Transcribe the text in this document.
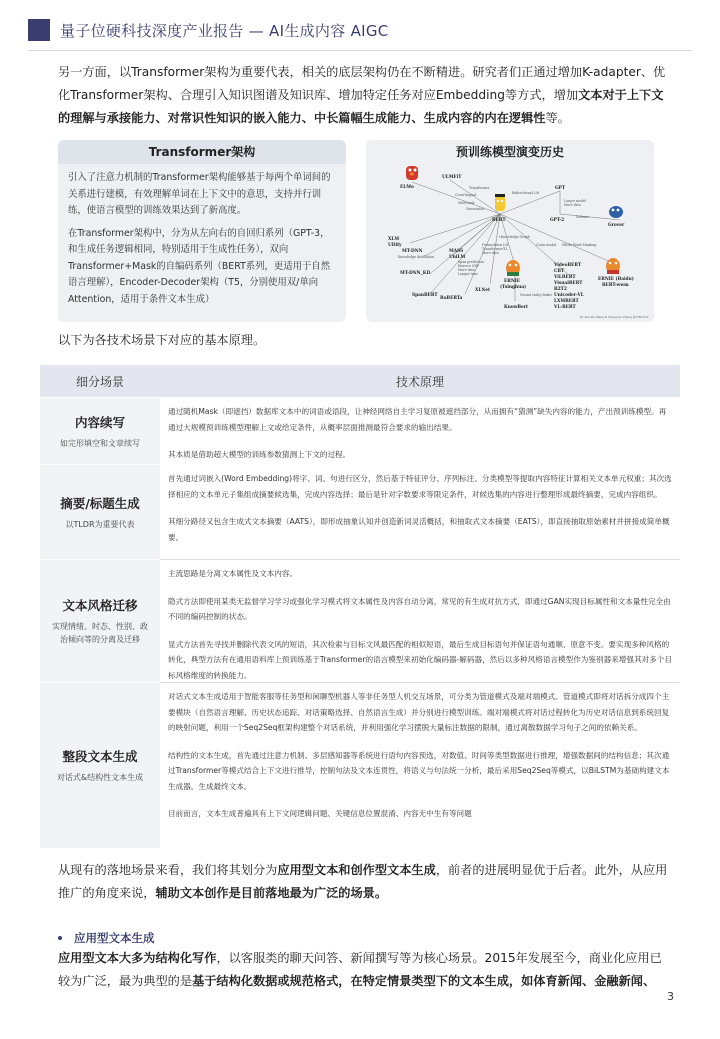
量子位硬科技深度产业报告 — AI生成内容 AIGC
另一方面，以Transformer架构为重要代表，相关的底层架构仍在不断精进。研究者们正通过增加K-adapter、优化Transformer架构、合理引入知识图谱及知识库、增加特定任务对应Embedding等方式，增加文本对于上下文的理解与承接能力、对常识性知识的嵌入能力、中长篇幅生成能力、生成内容的内在逻辑性等。
Transformer架构

引入了注意力机制的Transformer架构能够基于每两个单词间的关系进行建模，有效理解单词在上下文中的意思，支持并行训练，使语言模型的训练效果达到了新高度。

在Transformer架构中，分为从左向右的自回归系列（GPT-3，和生成任务逻辑相同，特别适用于生成性任务），双向Transformer+Mask的自编码系列（BERT系列，更适用于自然语言理解），Encoder-Decoder架构（T5，分别使用双/单向Attention，适用于条件文本生成）

预训练模型演变历史
Cross-lingual
Multi-task
Generation
Transformer
Bidirectional LM
Larger model
More data
Defense
Knowledge distillation
Span prediction
Remove NSP
More data
Longer time
Permutation LM
Transformer-XL
More data
+Knowledge Graph
Cross-modal Whole-Word Masking
Neural entity linker
ELMo
ULMFiT
GPT
GPT-2
Grover
BERT
XLM
UDify
MT-DNN	MASS
UniLM
MT-DNN_KD
SpanBERT
RoBERTa
XLNet
ERNIE
(Tsinghua)
KnowBert
VideoBERT
CBT
ViLBERT
VisualBERT
B2T2
Unicoder-VL
LXMBERT
VL-BERT
ERNIE (Baidu)
BERT-wwm
By Xiaozhi Wang & Zhengyan Zhang @THUNLP
以下为各技术场景下对应的基本原理。
细分场景	技术原理
内容续写
如完形填空和文章续写

通过随机Mask（即遮挡）数据库文本中的词语或语段，让神经网络自主学习复原被遮挡部分，从而拥有“猜测”缺失内容的能力，产出预训练模型。再通过大规模预训练模型理解上文或给定条件，从概率层面推测最符合要求的输出结果。

其本质是借助超大模型的训练参数猜测上下文的过程。

摘要/标题生成
以TLDR为重要代表

首先通过词嵌入(Word Embedding)将字、词、句进行区分，然后基于特征评分、序列标注、分类模型等提取内容特征计算相关文本单元权重；其次选择相应的文本单元子集组成摘要候选集，完成内容选择；最后是针对字数要求等限定条件，对候选集的内容进行整理形成最终摘要，完成内容组织。

其细分路径又包含生成式文本摘要（AATS），即形成抽象认知并创造新词灵活概括，和抽取式文本摘要（EATS），即直接抽取原始素材并拼接成简单概要。

文本风格迁移
实现情绪、时态、性别、政治倾向等的分离及迁移

主流思路是分离文本属性及文本内容。

隐式方法即使用某类无监督学习学习或强化学习模式将文本属性及内容自动分离，常见的有生成对抗方式，即通过GAN实现目标属性和文本量性完全由不同的编码控制的状态。

显式方法首先寻找并删除代表文风的短语，其次检索与目标文风最匹配的相似短语，最后生成目标语句并保证语句通顺、原意不变。要实现多种风格的转化，典型方法有在通用语料库上预训练基于Transformer的语言模型来初始化编码器-解码器，然后以多种风格语言模型作为鉴别器来增强其对多个目标风格维度的转换能力。

整段文本生成
对话式&结构性文本生成

对话式文本生成适用于智能客服等任务型和闲聊型机器人等非任务型人机交互场景，可分类为管道模式及端对端模式。管道模式即将对话拆分成四个主要模块（自然语言理解、历史状态追踪、对话策略选择、自然语言生成）并分别进行模型训练。端对端模式将对话过程转化为历史对话信息到系统回复的映射问题，利用一个Seq2Seq框架构建整个对话系统，并利用强化学习摆脱大量标注数据的限制，通过离散数据学习句子之间的依赖关系。

结构性的文本生成，首先通过注意力机制、多层感知器等系统进行语句内容预选，对数值、时间等类型数据进行推理，增强数据间的结构信息；其次通过Transformer等模式结合上下文进行推导，控制句法及文本连贯性，将语义与句法统一分析，最后采用Seq2Seq等模式，以BiLSTM为基础构建文本生成器，生成最终文本。

目前而言，文本生成普遍具有上下文间逻辑问题、关键信息位置混淆、内容无中生有等问题

从现有的落地场景来看，我们将其划分为应用型文本和创作型文本生成，前者的进展明显优于后者。此外，从应用推广的角度来说，辅助文本创作是目前落地最为广泛的场景。
应用型文本生成
应用型文本大多为结构化写作，以客服类的聊天问答、新闻撰写等为核心场景。2015年发展至今，商业化应用已较为广泛，最为典型的是基于结构化数据或规范格式，在特定情景类型下的文本生成，如体育新闻、金融新闻、
3
